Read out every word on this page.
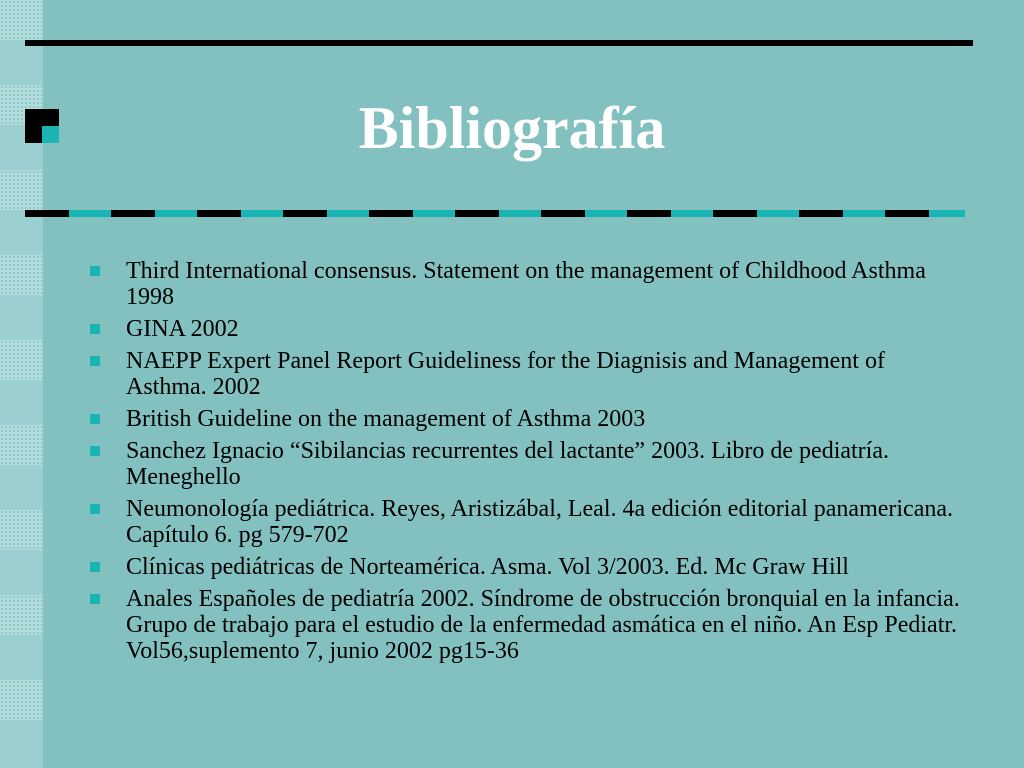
Bibliografía
Third International consensus. Statement on the management of Childhood Asthma 1998
GINA 2002
NAEPP Expert Panel Report Guideliness for the Diagnisis and Management of Asthma. 2002
British Guideline on the management of Asthma 2003
Sanchez Ignacio “Sibilancias recurrentes del lactante” 2003. Libro de pediatría. Meneghello
Neumonología pediátrica. Reyes, Aristizábal, Leal. 4a edición editorial panamericana. Capítulo 6. pg 579-702
Clínicas pediátricas de Norteamérica. Asma. Vol 3/2003. Ed. Mc Graw Hill
Anales Españoles de pediatría 2002. Síndrome de obstrucción bronquial en la infancia. Grupo de trabajo para el estudio de la enfermedad asmática en el niño. An Esp Pediatr. Vol56,suplemento 7, junio 2002 pg15-36
